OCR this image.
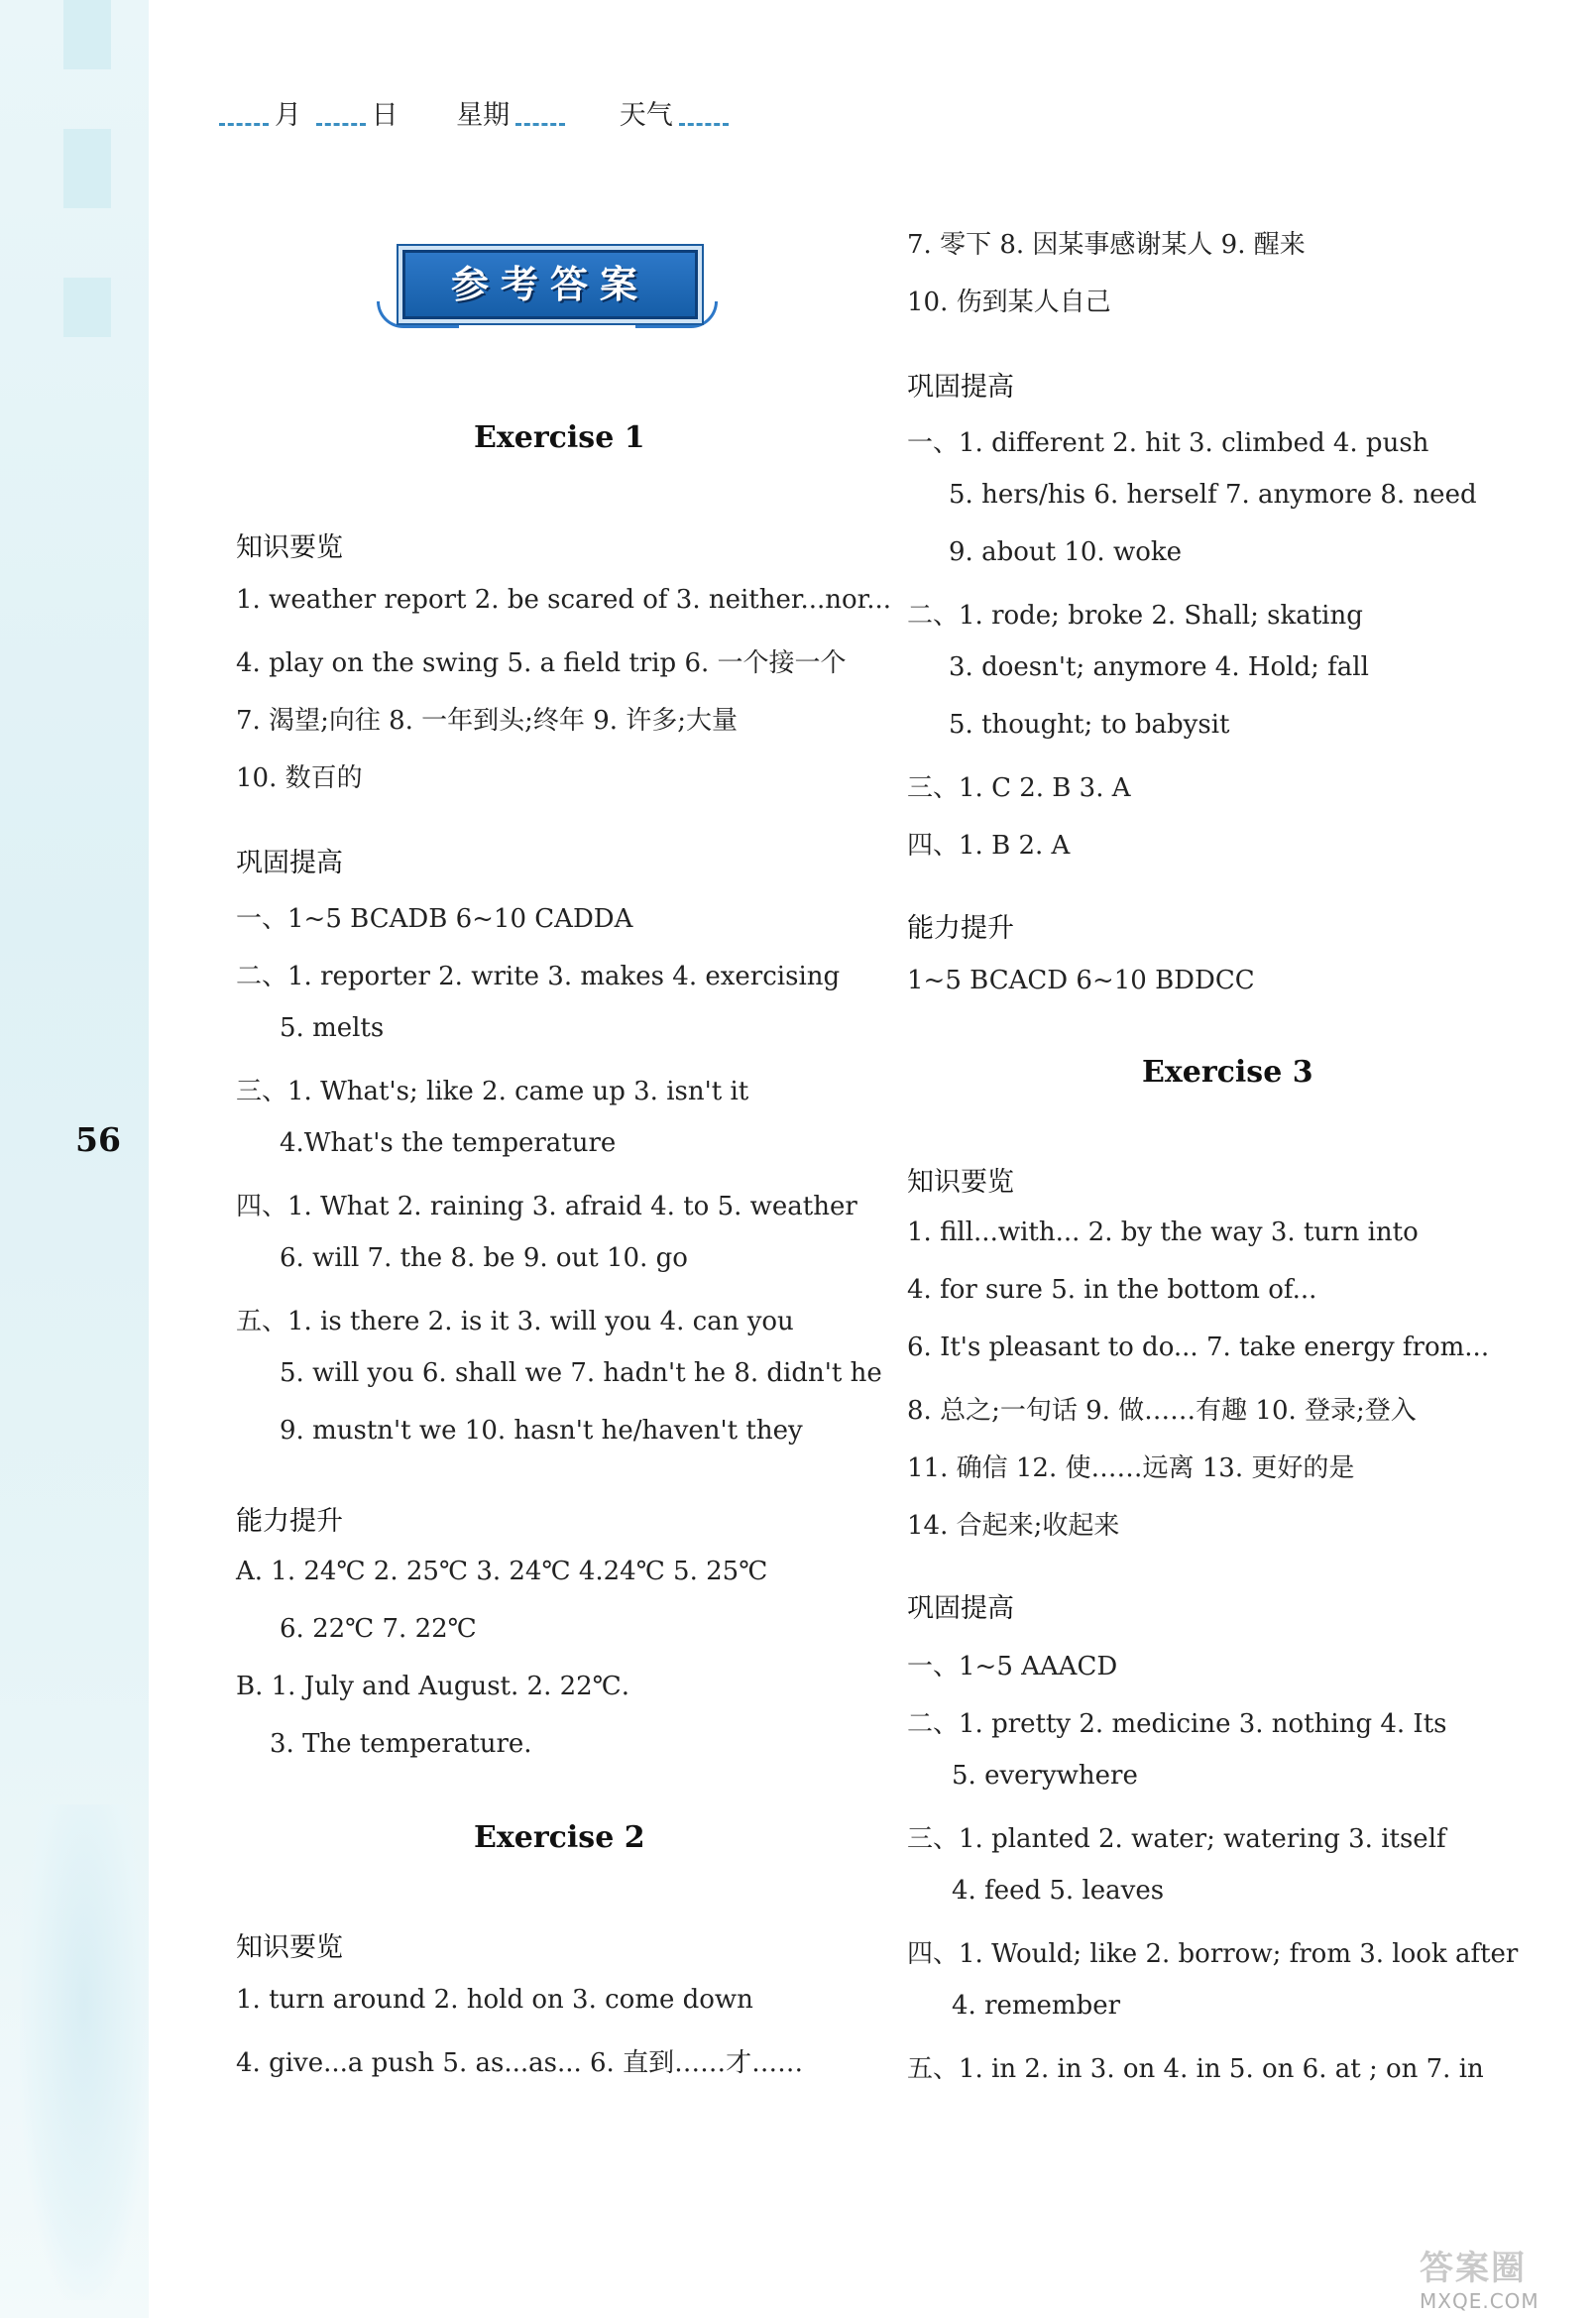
56
月	日 星期	天气
参考答案
Exercise 1
知识要览
1. weather report 2. be scared of 3. neither...nor...
4. play on the swing 5. a field trip 6. 一个接一个
7. 渴望;向往 8. 一年到头;终年 9. 许多;大量
10. 数百的
巩固提高
一、1~5 BCADB 6~10 CADDA
二、1. reporter 2. write 3. makes 4. exercising
5. melts
三、1. What's; like 2. came up 3. isn't it
4.What's the temperature
四、1. What 2. raining 3. afraid 4. to 5. weather
6. will 7. the 8. be 9. out 10. go
五、1. is there 2. is it 3. will you 4. can you
5. will you 6. shall we 7. hadn't he 8. didn't he
9. mustn't we 10. hasn't he/haven't they
能力提升
A. 1. 24℃ 2. 25℃ 3. 24℃ 4.24℃ 5. 25℃
6. 22℃ 7. 22℃
B. 1. July and August. 2. 22℃.
3. The temperature.
Exercise 2
知识要览
1. turn around 2. hold on 3. come down
4. give...a push 5. as...as... 6. 直到……才……
7. 零下 8. 因某事感谢某人 9. 醒来
10. 伤到某人自己
巩固提高
一、1. different 2. hit 3. climbed 4. push
5. hers/his 6. herself 7. anymore 8. need
9. about 10. woke
二、1. rode; broke 2. Shall; skating
3. doesn't; anymore 4. Hold; fall
5. thought; to babysit
三、1. C 2. B 3. A
四、1. B 2. A
能力提升
1~5 BCACD 6~10 BDDCC
Exercise 3
知识要览
1. fill...with... 2. by the way 3. turn into
4. for sure 5. in the bottom of...
6. It's pleasant to do... 7. take energy from...
8. 总之;一句话 9. 做……有趣 10. 登录;登入
11. 确信 12. 使……远离 13. 更好的是
14. 合起来;收起来
巩固提高
一、1~5 AAACD
二、1. pretty 2. medicine 3. nothing 4. Its
5. everywhere
三、1. planted 2. water; watering 3. itself
4. feed 5. leaves
四、1. Would; like 2. borrow; from 3. look after
4. remember
五、1. in 2. in 3. on 4. in 5. on 6. at ; on 7. in
答案圈
MXQE.COM
